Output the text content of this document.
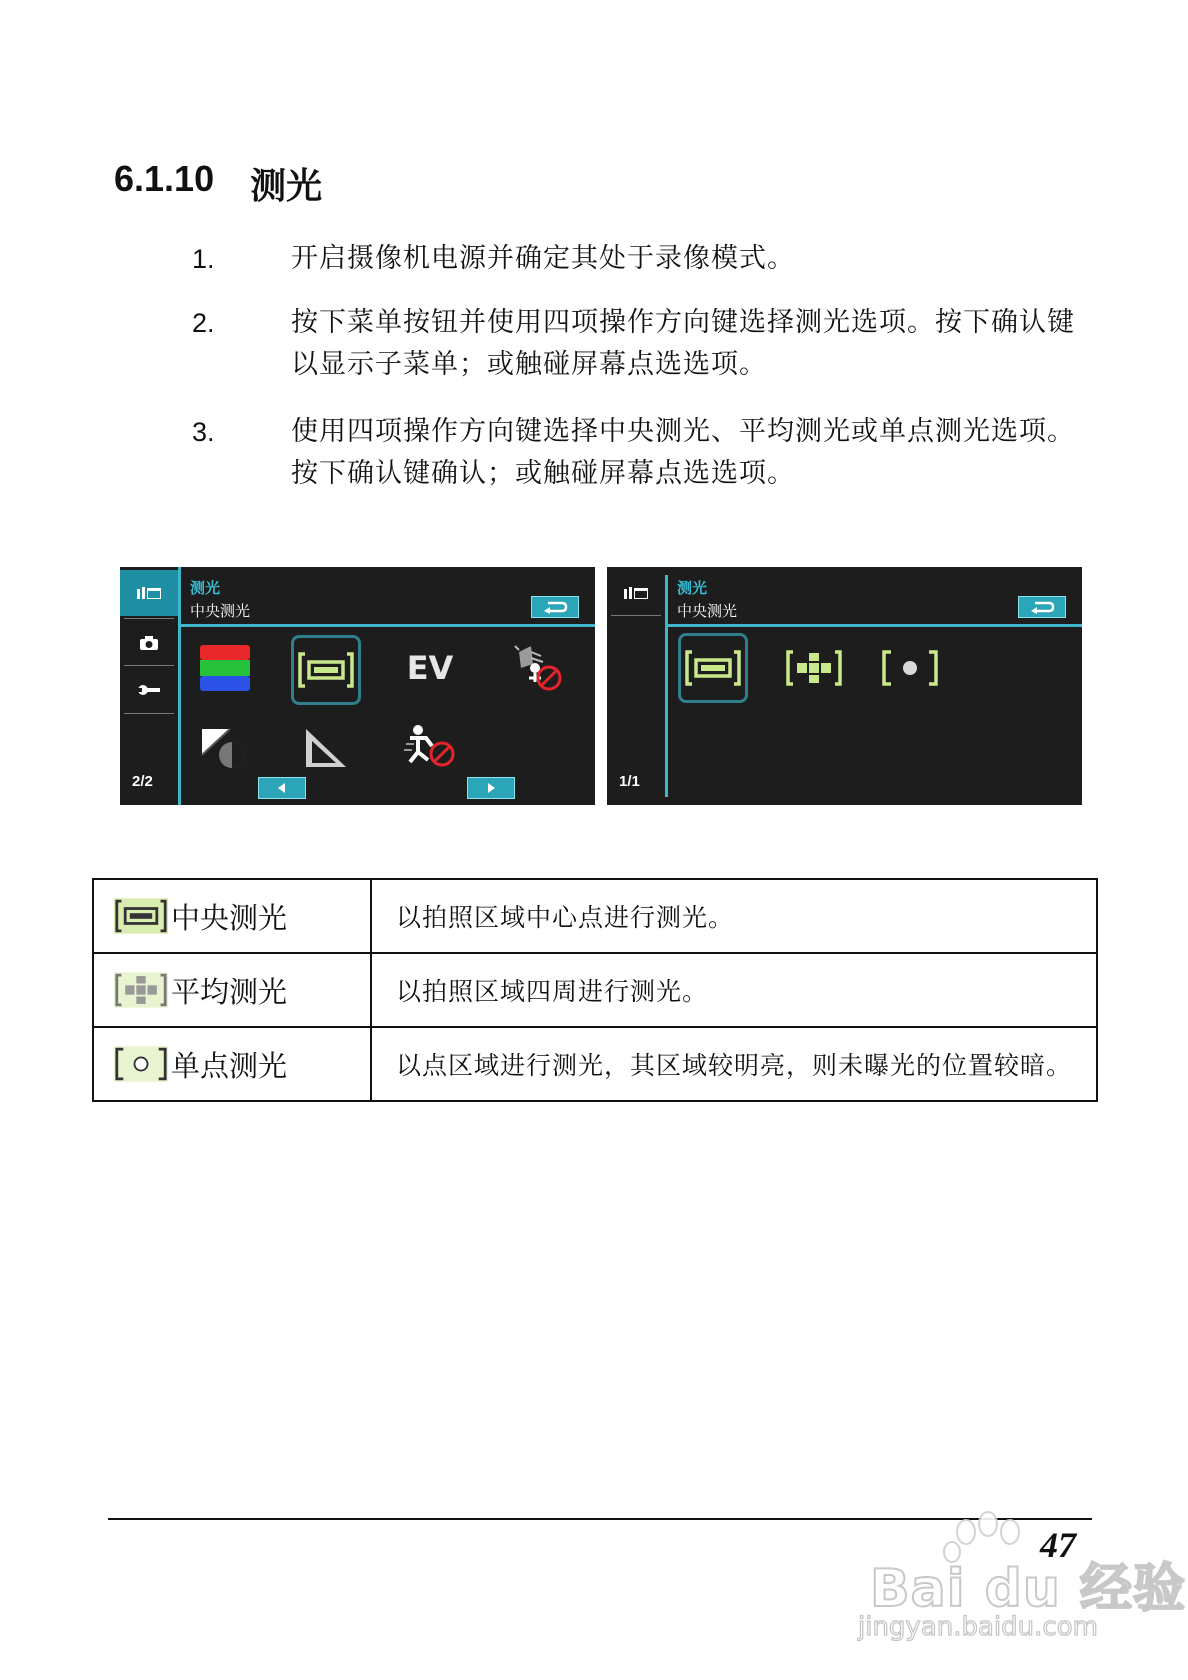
6.1.10 测光
1.	开启摄像机电源并确定其处于录像模式。
2.	按下菜单按钮并使用四项操作方向键选择测光选项。按下确认键以显示子菜单；或触碰屏幕点选选项。
3.	使用四项操作方向键选择中央测光、平均测光或单点测光选项。按下确认键确认；或触碰屏幕点选选项。
2/2
测光
中央测光
EV
1/1
测光
中央测光
中央测光	以拍照区域中心点进行测光。

平均测光	以拍照区域四周进行测光。

单点测光	以点区域进行测光，其区域较明亮，则未曝光的位置较暗。
47
Bai du 经验
jingyan.baidu.com
